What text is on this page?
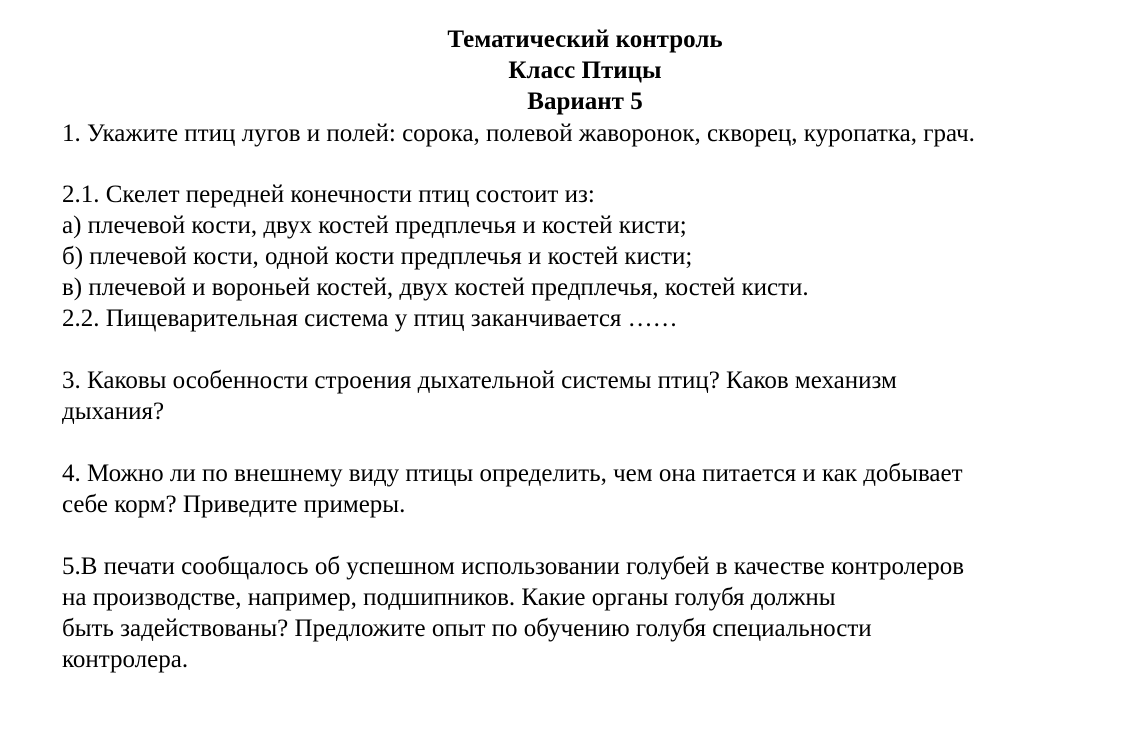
Тематический контроль
Класс Птицы
Вариант 5
1. Укажите птиц лугов и полей: сорока, полевой жаворонок, скворец, куропатка, грач.
2.1. Скелет передней конечности птиц состоит из:
а) плечевой кости, двух костей предплечья и костей кисти;
б) плечевой кости, одной кости предплечья и костей кисти;
в) плечевой и вороньей костей, двух костей предплечья, костей кисти.
2.2. Пищеварительная система у птиц заканчивается ……
3. Каковы особенности строения дыхательной системы птиц? Каков механизм
дыхания?
4. Можно ли по внешнему виду птицы определить, чем она питается и как добывает
себе корм? Приведите примеры.
5.В печати сообщалось об успешном использовании голубей в качестве контролеров
на производстве, например, подшипников. Какие органы голубя должны
быть задействованы? Предложите опыт по обучению голубя специальности
контролера.
